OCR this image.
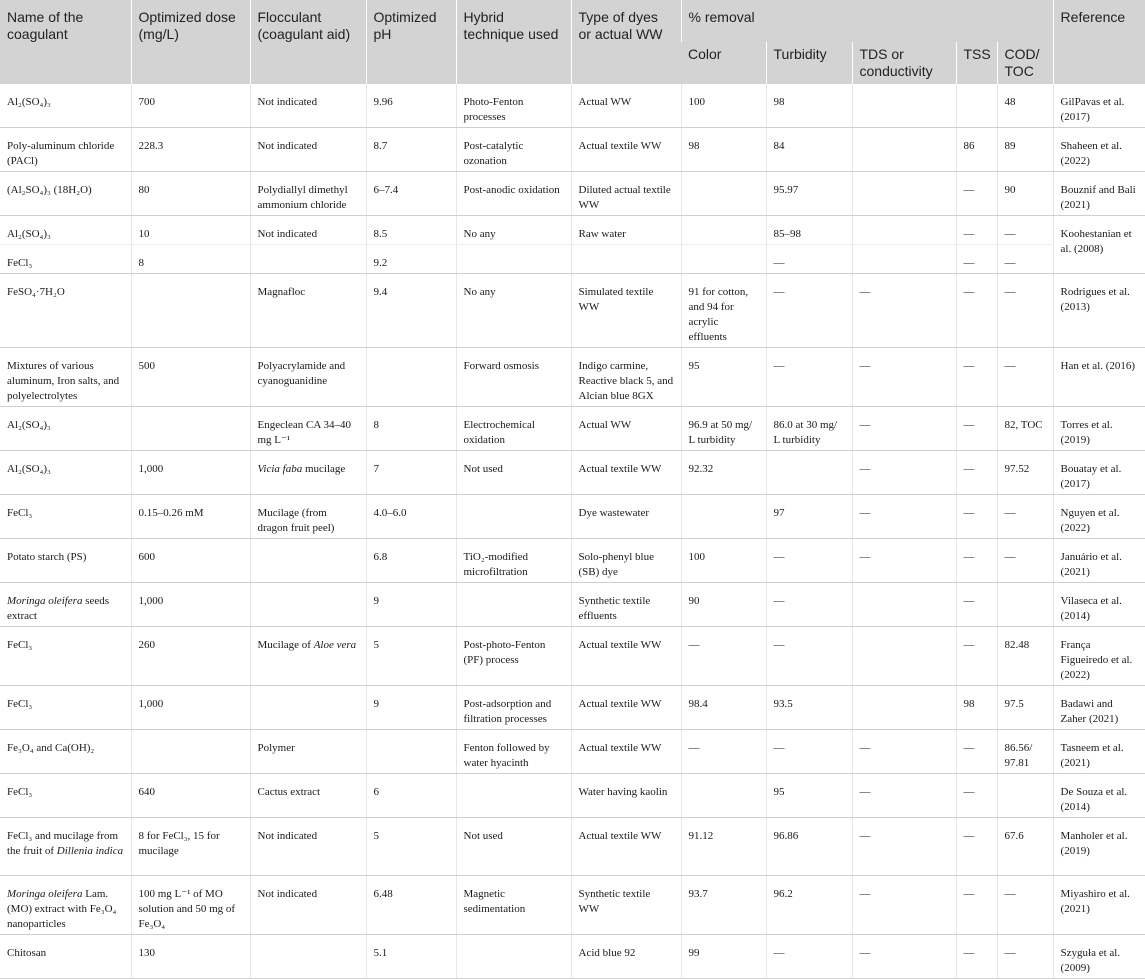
Name of the coagulant	Optimized dose (mg/L)	Flocculant (coagulant aid)	Optimized pH	Hybrid technique used	Type of dyes or actual WW	% removal					Reference
						Color	Turbidity	TDS or conductivity	TSS	COD/ TOC	
Al₂(SO₄)₃	700	Not indicated	9.96	Photo-Fenton processes	Actual WW	100	98			48	GilPavas et al. (2017)
Poly-aluminum chloride (PACl)	228.3	Not indicated	8.7	Post-catalytic ozonation	Actual textile WW	98	84		86	89	Shaheen et al. (2022)
(Al₂SO₄)₃ (18H₂O)	80	Polydiallyl dimethyl ammonium chloride	6–7.4	Post-anodic oxidation	Diluted actual textile WW		95.97		—	90	Bouznif and Bali (2021)
Al₂(SO₄)₃	10	Not indicated	8.5	No any	Raw water		85–98		—	—	Koohestanian et al. (2008)
FeCl₃	8		9.2				—		—	—	
FeSO₄·7H₂O		Magnafloc	9.4	No any	Simulated textile WW	91 for cotton, and 94 for acrylic effluents	—	—	—	—	Rodrigues et al. (2013)
Mixtures of various aluminum, Iron salts, and polyelectrolytes	500	Polyacrylamide and cyanoguanidine		Forward osmosis	Indigo carmine, Reactive black 5, and Alcian blue 8GX	95	—	—	—	—	Han et al. (2016)
Al₂(SO₄)₃		Engeclean CA 34–40 mg L⁻¹	8	Electrochemical oxidation	Actual WW	96.9 at 50 mg/ L turbidity	86.0 at 30 mg/ L turbidity	—	—	82, TOC	Torres et al. (2019)
Al₂(SO₄)₃	1,000	Vicia faba mucilage	7	Not used	Actual textile WW	92.32		—	—	97.52	Bouatay et al. (2017)
FeCl₃	0.15–0.26 mM	Mucilage (from dragon fruit peel)	4.0–6.0		Dye wastewater		97	—	—	—	Nguyen et al. (2022)
Potato starch (PS)	600		6.8	TiO₂-modified microfiltration	Solo-phenyl blue (SB) dye	100	—	—	—	—	Januário et al. (2021)
Moringa oleifera seeds extract	1,000		9		Synthetic textile effluents	90	—		—		Vilaseca et al. (2014)
FeCl₃	260	Mucilage of Aloe vera	5	Post-photo-Fenton (PF) process	Actual textile WW	—	—		—	82.48	França Figueiredo et al. (2022)
FeCl₃	1,000		9	Post-adsorption and filtration processes	Actual textile WW	98.4	93.5		98	97.5	Badawi and Zaher (2021)
Fe₃O₄ and Ca(OH)₂		Polymer		Fenton followed by water hyacinth	Actual textile WW	—	—	—	—	86.56/ 97.81	Tasneem et al. (2021)
FeCl₃	640	Cactus extract	6		Water having kaolin		95	—	—		De Souza et al. (2014)
FeCl₃ and mucilage from the fruit of Dillenia indica	8 for FeCl₃, 15 for mucilage	Not indicated	5	Not used	Actual textile WW	91.12	96.86	—	—	67.6	Manholer et al. (2019)
Moringa oleifera Lam. (MO) extract with Fe₃O₄ nanoparticles	100 mg L⁻¹ of MO solution and 50 mg of Fe₃O₄	Not indicated	6.48	Magnetic sedimentation	Synthetic textile WW	93.7	96.2	—	—	—	Miyashiro et al. (2021)
Chitosan	130		5.1		Acid blue 92	99	—	—	—	—	Szyguła et al. (2009)
